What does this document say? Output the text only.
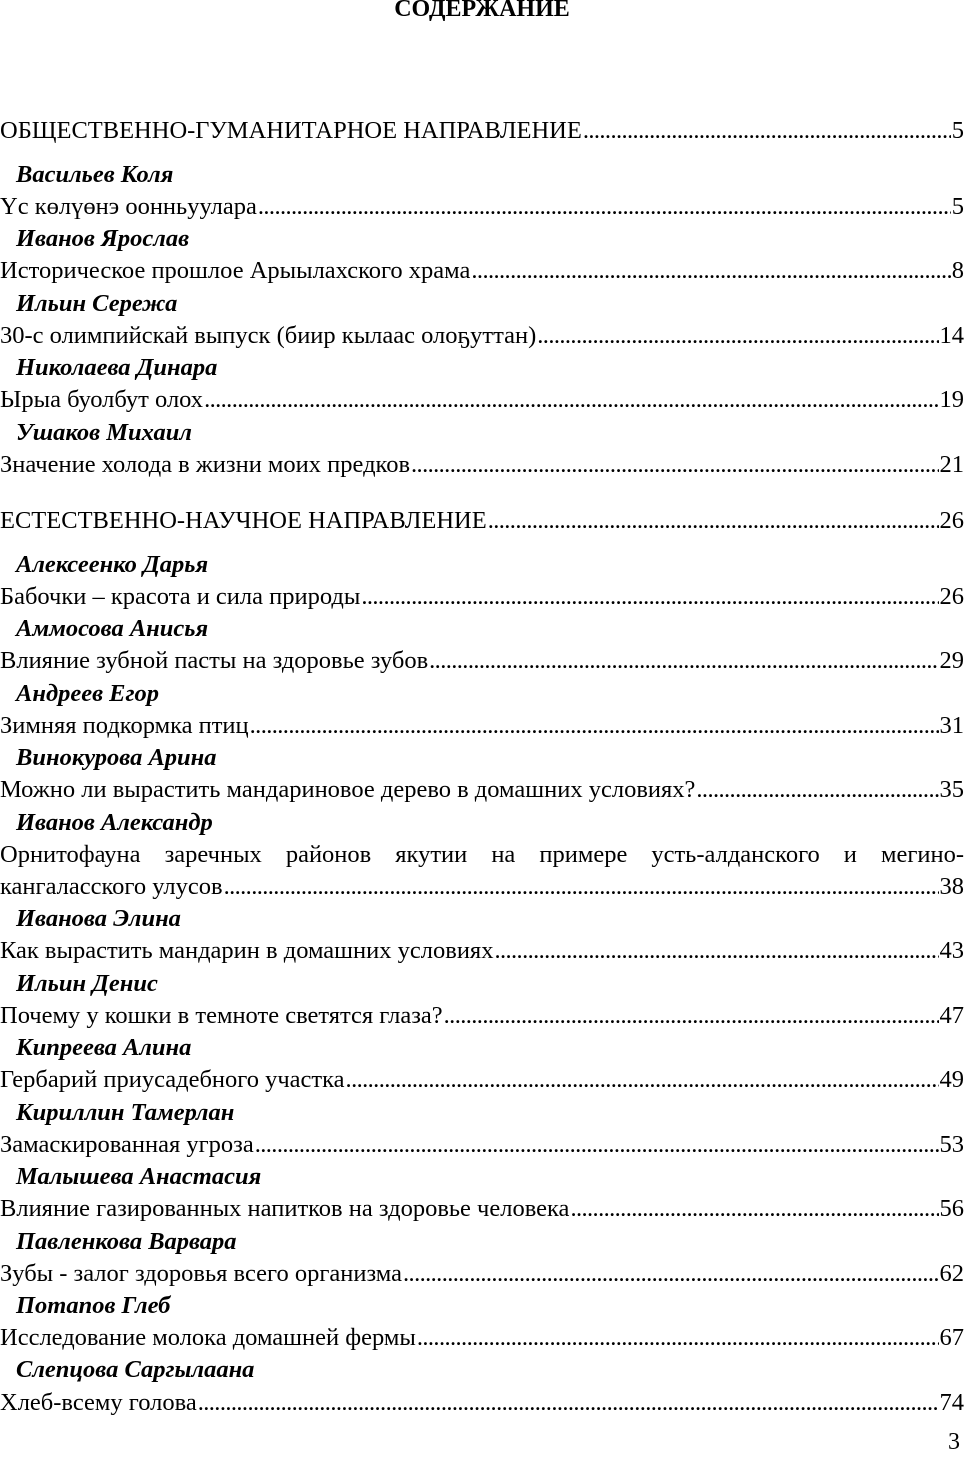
СОДЕРЖАНИЕ
ОБЩЕСТВЕННО-ГУМАНИТАРНОЕ НАПРАВЛЕНИЕ .....	5
Васильев Коля
Үс көлүөнэ оонньуулара .....	5
Иванов Ярослав
Историческое прошлое Арыылахского храма .....	8
Ильин Сережа
30-с олимпийскай выпуск (биир кылаас олоҕуттан) .....	14
Николаева Динара
Ырыа буолбут олох .....	19
Ушаков Михаил
Значение холода в жизни моих предков .....	21
ЕСТЕСТВЕННО-НАУЧНОЕ НАПРАВЛЕНИЕ .....	26
Алексеенко Дарья
Бабочки – красота и сила природы .....	26
Аммосова Анисья
Влияние зубной пасты на здоровье зубов .....	29
Андреев Егор
Зимняя подкормка птиц .....	31
Винокурова Арина
Можно ли вырастить мандариновое дерево в домашних условиях? .....	35
Иванов Александр
Орнитофауна заречных районов якутии на примере усть-алданского и мегино-
кангаласского улусов .....	38
Иванова Элина
Как вырастить мандарин в домашних условиях .....	43
Ильин Денис
Почему у кошки в темноте светятся глаза? .....	47
Кипреева Алина
Гербарий приусадебного участка .....	49
Кириллин Тамерлан
Замаскированная угроза .....	53
Малышева Анастасия
Влияние газированных напитков на здоровье человека .....	56
Павленкова Варвара
Зубы - залог здоровья всего организма .....	62
Потапов Глеб
Исследование молока домашней фермы .....	67
Слепцова Саргылаана
Хлеб-всему голова .....	74
3
